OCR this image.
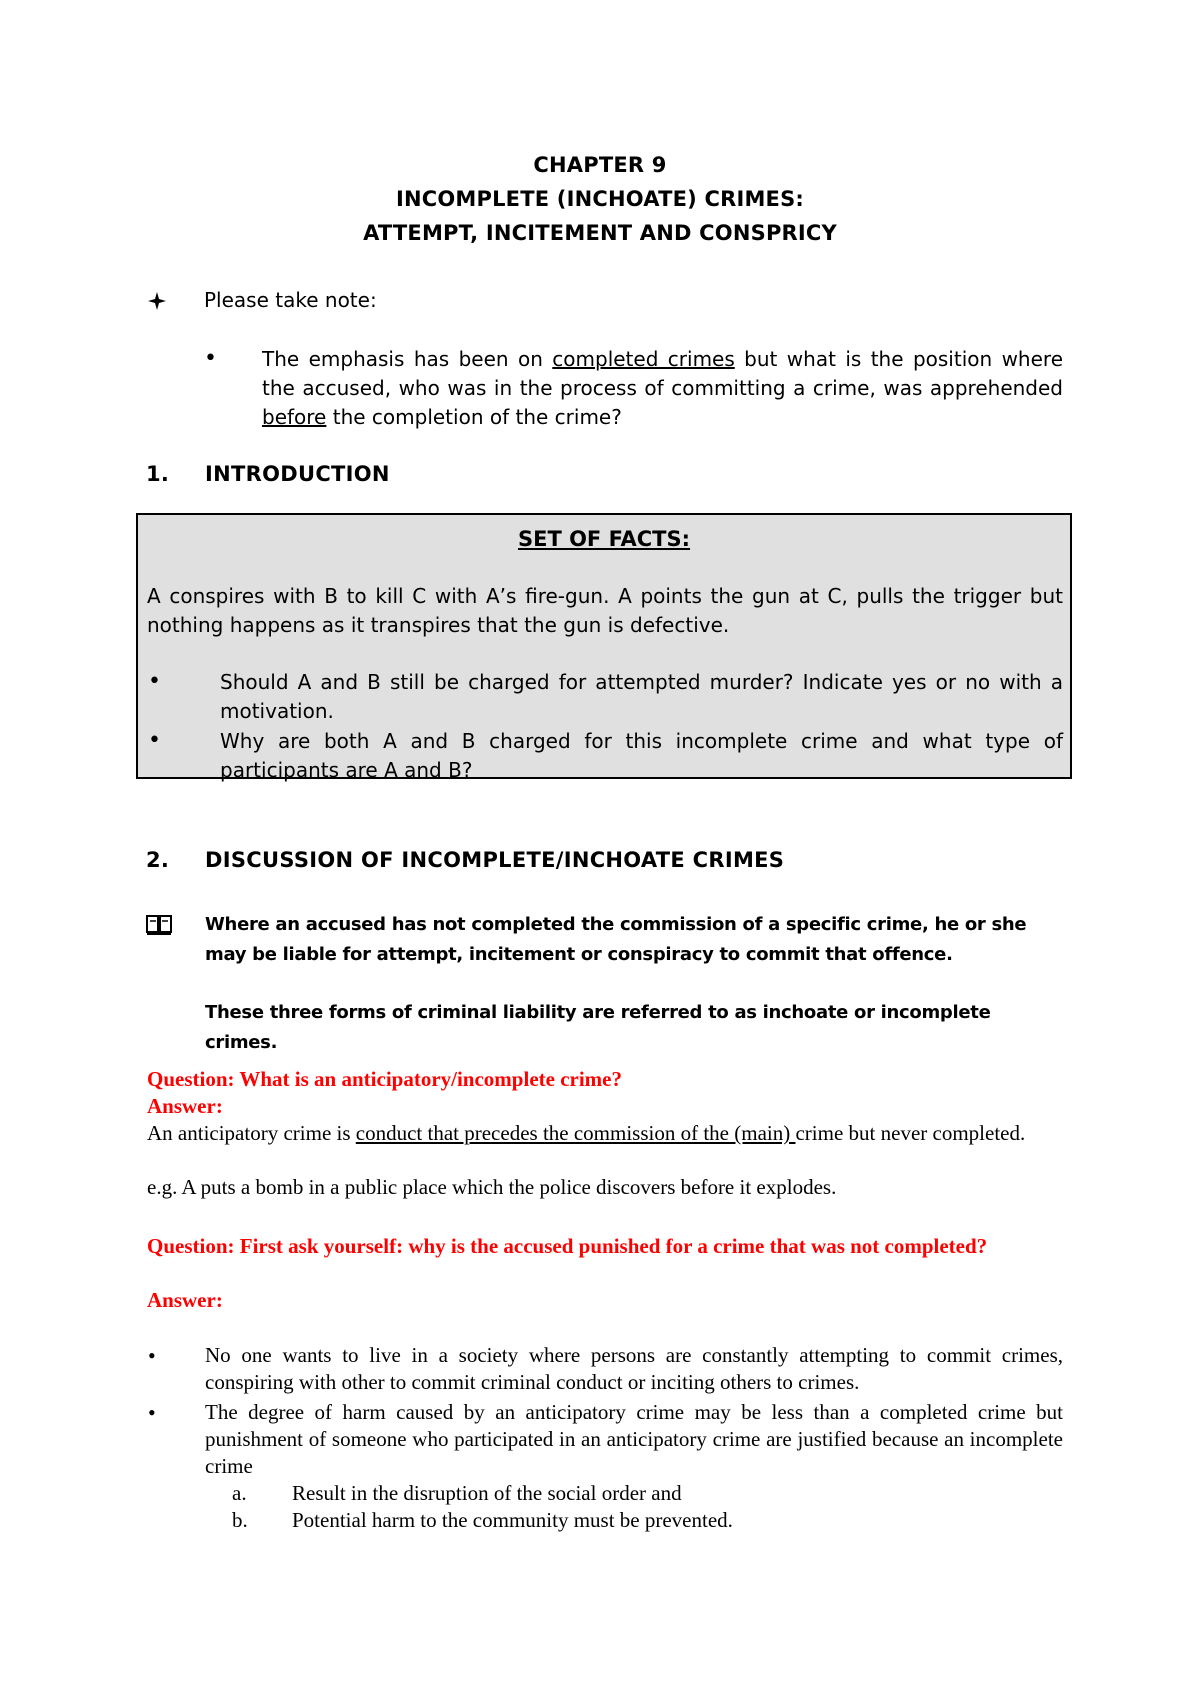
CHAPTER 9
INCOMPLETE (INCHOATE) CRIMES:
ATTEMPT, INCITEMENT AND CONSPRICY
Please take note:
• The emphasis has been on completed crimes but what is the position where the accused, who was in the process of committing a crime, was apprehended before the completion of the crime?
1. INTRODUCTION
SET OF FACTS:
A conspires with B to kill C with A’s fire-gun. A points the gun at C, pulls the trigger but nothing happens as it transpires that the gun is defective.
•	Should A and B still be charged for attempted murder? Indicate yes or no with a motivation.
•	Why are both A and B charged for this incomplete crime and what type of participants are A and B?
2. DISCUSSION OF INCOMPLETE/INCHOATE CRIMES
Where an accused has not completed the commission of a specific crime, he or she may be liable for attempt, incitement or conspiracy to commit that offence.
These three forms of criminal liability are referred to as inchoate or incomplete crimes.
Question: What is an anticipatory/incomplete crime?
Answer:
An anticipatory crime is conduct that precedes the commission of the (main) crime but never completed.
e.g. A puts a bomb in a public place which the police discovers before it explodes.
Question: First ask yourself: why is the accused punished for a crime that was not completed?
Answer:
• No one wants to live in a society where persons are constantly attempting to commit crimes, conspiring with other to commit criminal conduct or inciting others to crimes.
• The degree of harm caused by an anticipatory crime may be less than a completed crime but punishment of someone who participated in an anticipatory crime are justified because an incomplete crime
a. Result in the disruption of the social order and
b. Potential harm to the community must be prevented.
